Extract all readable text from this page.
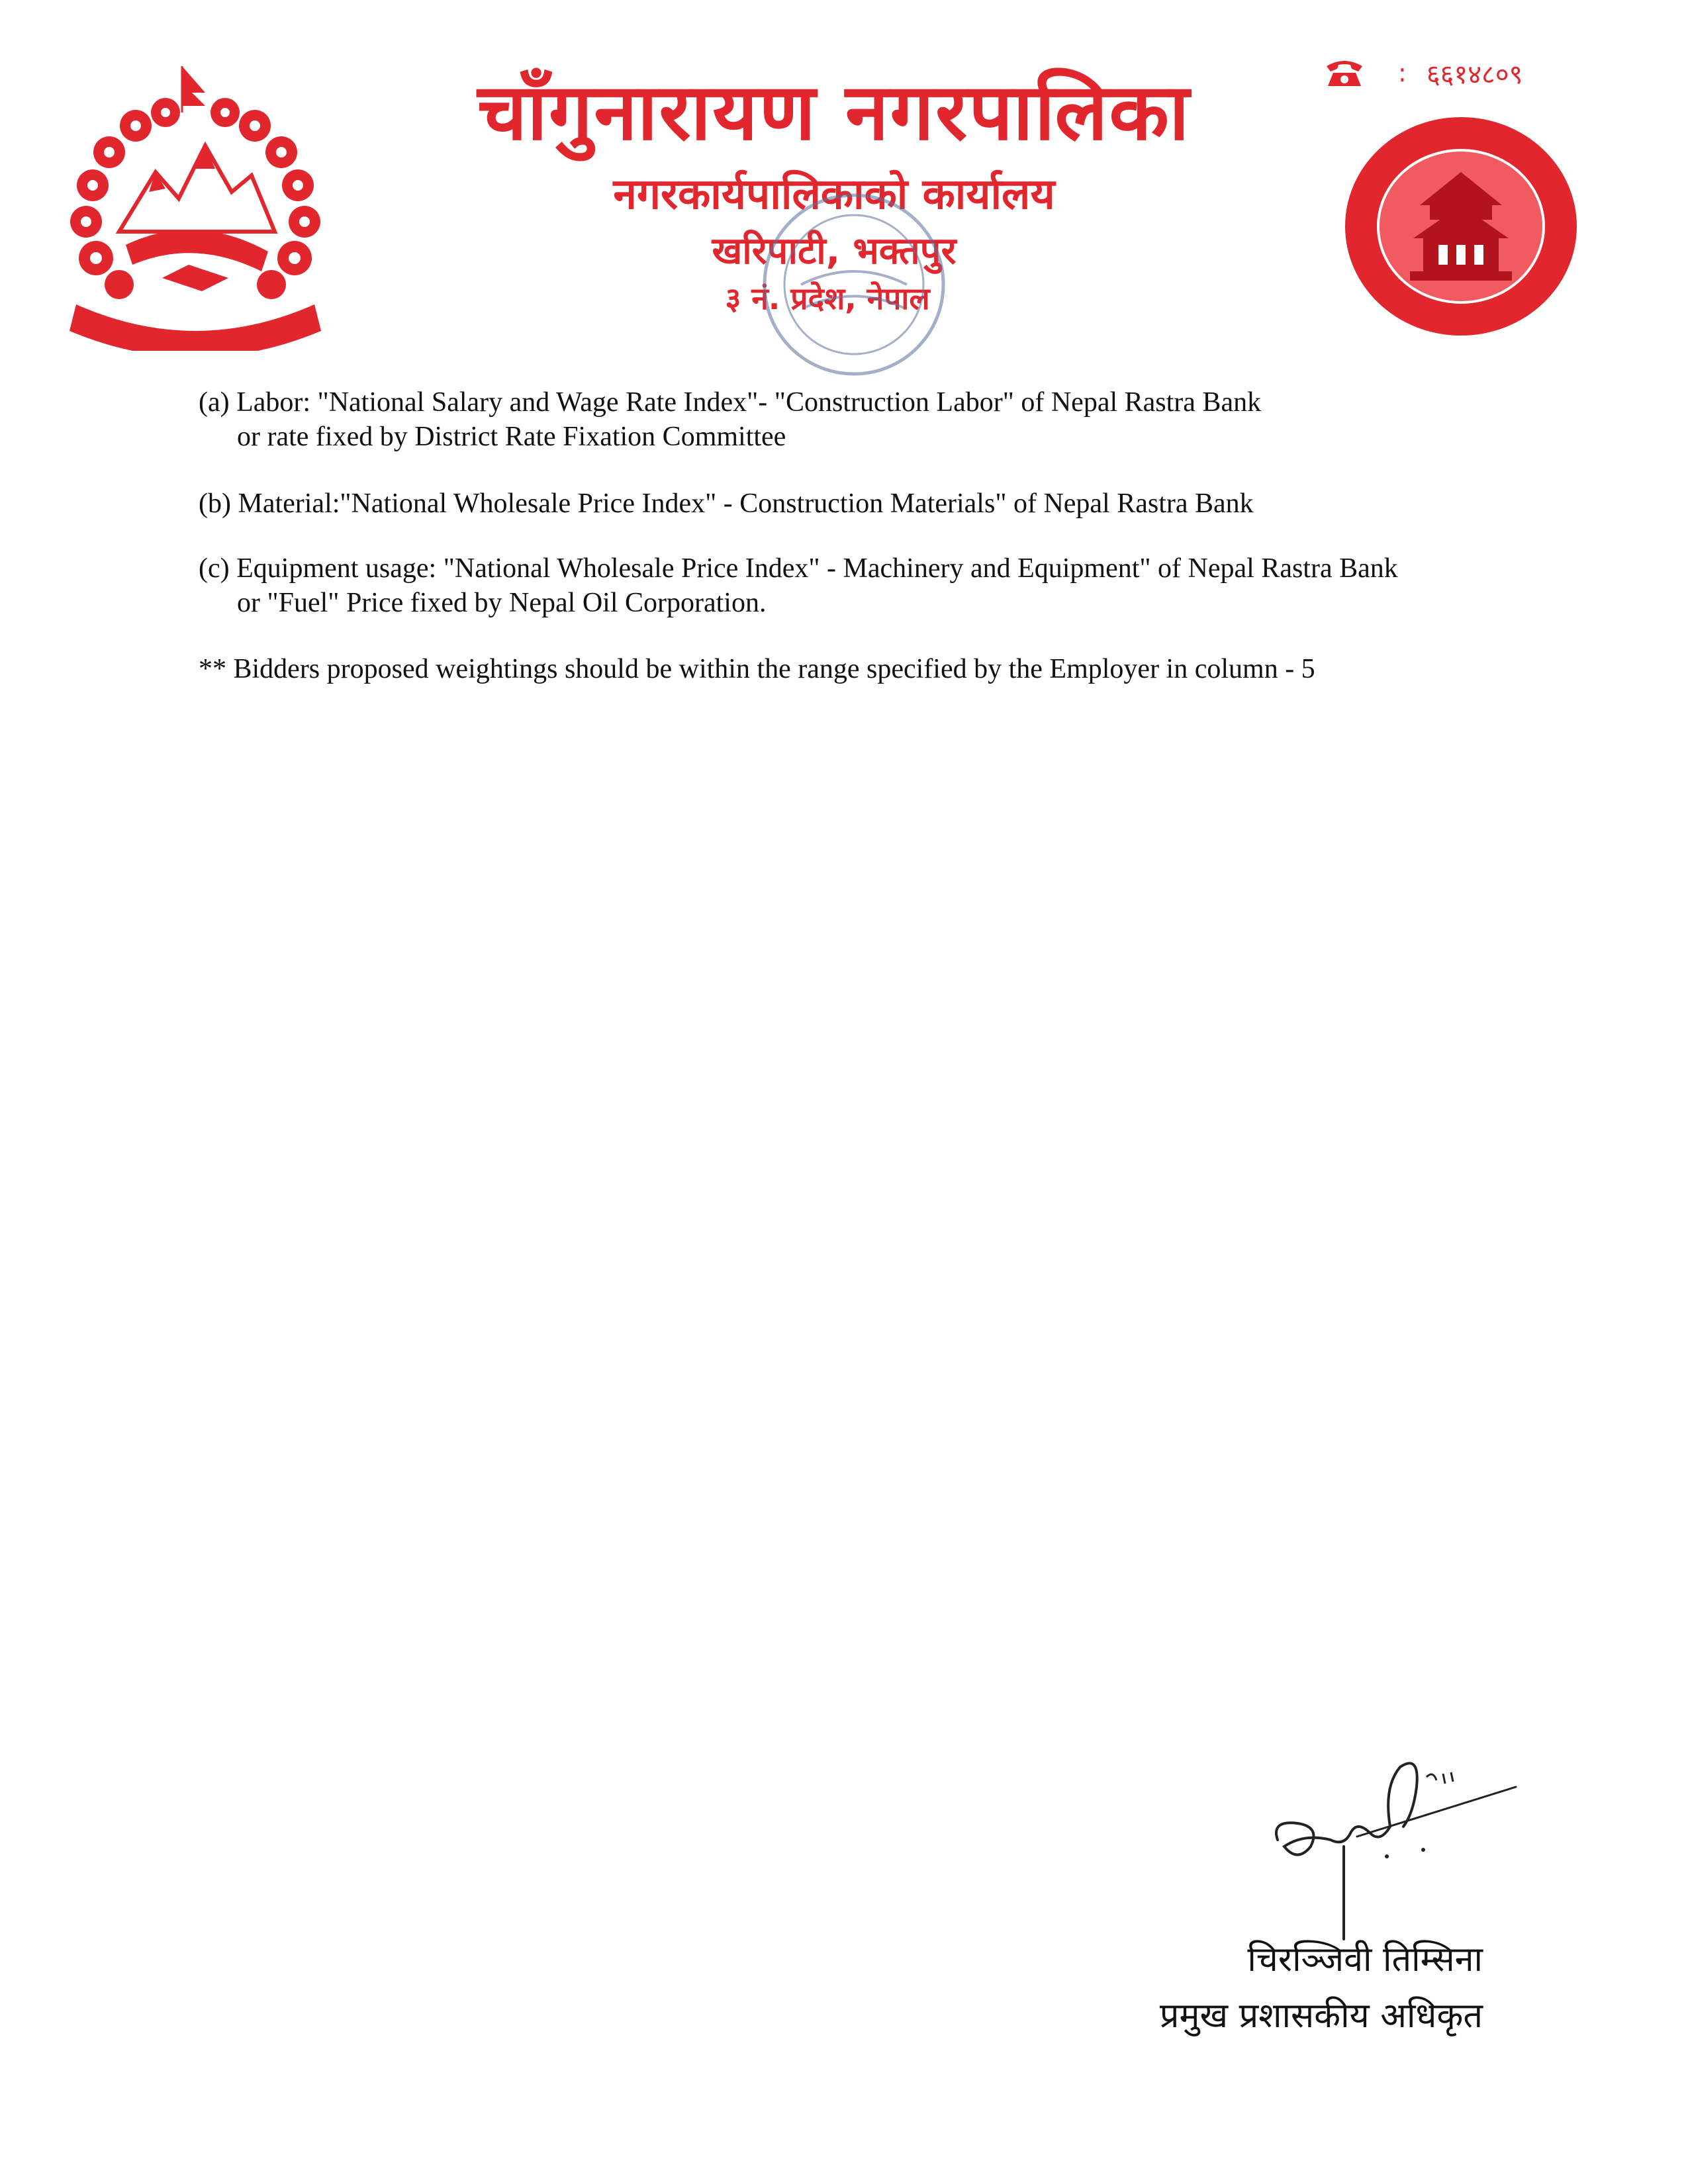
चाँगुनारायण नगरपालिका
नगरकार्यपालिकाको कार्यालय
खरिपाटी, भक्तपुर
३ नं. प्रदेश, नेपाल
: ६६१४८०९

(a) Labor: "National Salary and Wage Rate Index"- "Construction Labor" of Nepal Rastra Bank
or rate fixed by District Rate Fixation Committee

(b) Material:"National Wholesale Price Index" - Construction Materials" of Nepal Rastra Bank

(c) Equipment usage: "National Wholesale Price Index" - Machinery and Equipment" of Nepal Rastra Bank
or "Fuel" Price fixed by Nepal Oil Corporation.

** Bidders proposed weightings should be within the range specified by the Employer in column - 5

चिरञ्जिवी तिम्सिना
प्रमुख प्रशासकीय अधिकृत
